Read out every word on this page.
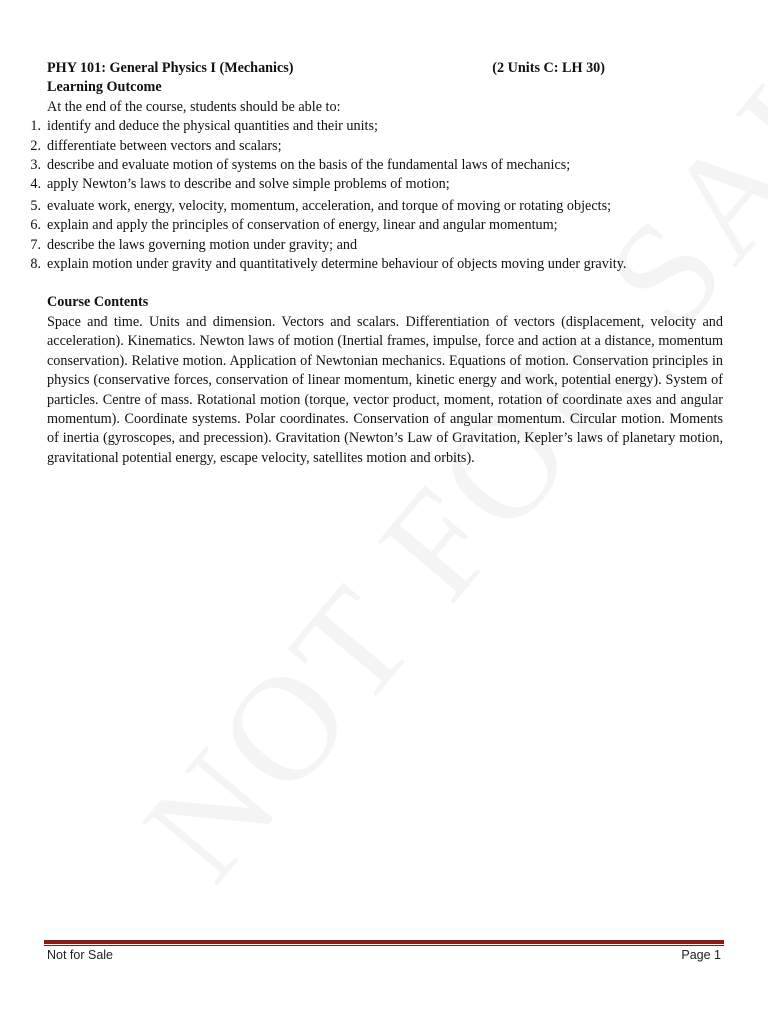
PHY 101: General Physics I (Mechanics)	(2 Units C: LH 30)
Learning Outcome

At the end of the course, students should be able to:

1. identify and deduce the physical quantities and their units;
2. differentiate between vectors and scalars;
3. describe and evaluate motion of systems on the basis of the fundamental laws of mechanics;
4. apply Newton’s laws to describe and solve simple problems of motion;
5. evaluate work, energy, velocity, momentum, acceleration, and torque of moving or rotating objects;
6. explain and apply the principles of conservation of energy, linear and angular momentum;
7. describe the laws governing motion under gravity; and
8. explain motion under gravity and quantitatively determine behaviour of objects moving under gravity.
Course Contents

Space and time. Units and dimension. Vectors and scalars. Differentiation of vectors (displacement, velocity and acceleration). Kinematics. Newton laws of motion (Inertial frames, impulse, force and action at a distance, momentum conservation). Relative motion. Application of Newtonian mechanics. Equations of motion. Conservation principles in physics (conservative forces, conservation of linear momentum, kinetic energy and work, potential energy). System of particles. Centre of mass. Rotational motion (torque, vector product, moment, rotation of coordinate axes and angular momentum). Coordinate systems. Polar coordinates. Conservation of angular momentum. Circular motion. Moments of inertia (gyroscopes, and precession). Gravitation (Newton’s Law of Gravitation, Kepler’s laws of planetary motion, gravitational potential energy, escape velocity, satellites motion and orbits).

Not for Sale	Page 1
